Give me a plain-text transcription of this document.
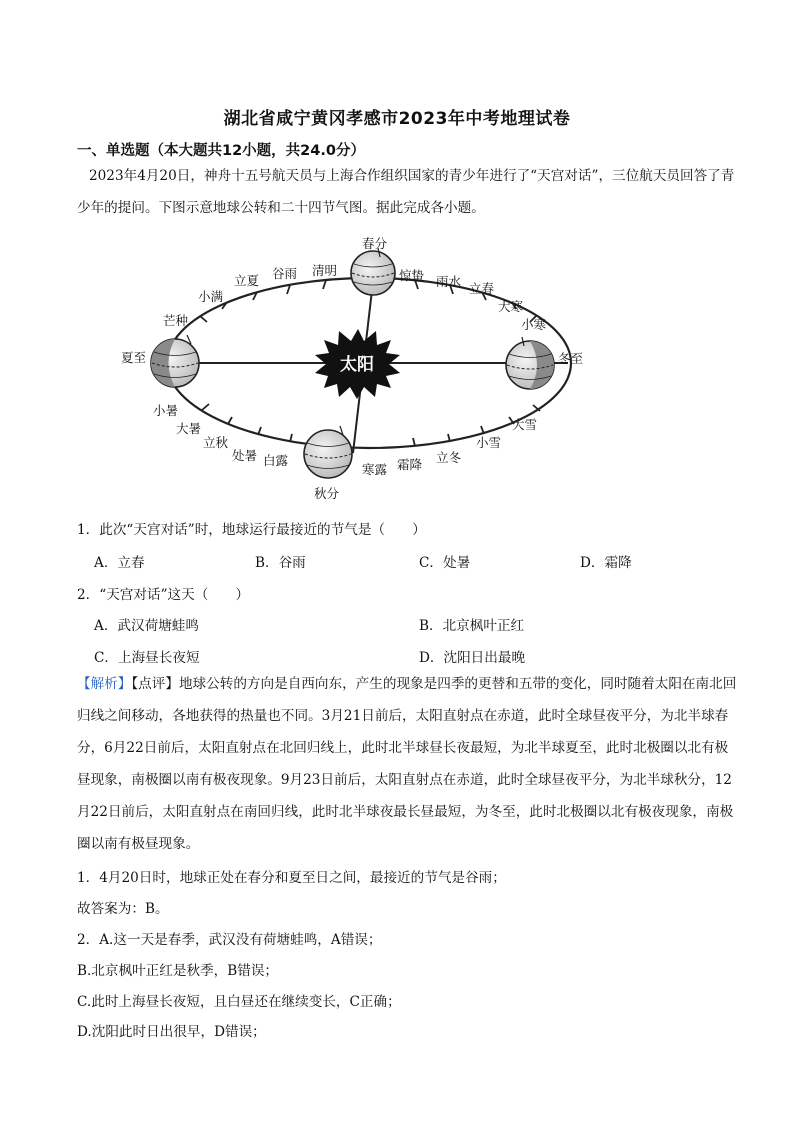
湖北省咸宁黄冈孝感市2023年中考地理试卷
一、单选题（本大题共12小题，共24.0分）
2023年4月20日，神舟十五号航天员与上海合作组织国家的青少年进行了“天宫对话”，三位航天员回答了青少年的提问。下图示意地球公转和二十四节气图。据此完成各小题。
太阳
春分
惊蛰 雨水 立春
大寒
小寒
冬至
大雪
小雪
立冬
霜降
寒露
秋分
白露
处暑
立秋
大暑
小暑
夏至
芒种
小满
立夏 谷雨 清明
1．此次“天宫对话”时，地球运行最接近的节气是（　　）
A．立春	B．谷雨	C．处暑	D．霜降
2．“天宫对话”这天（　　）
A．武汉荷塘蛙鸣	B．北京枫叶正红
C．上海昼长夜短	D．沈阳日出最晚
【解析】【点评】地球公转的方向是自西向东，产生的现象是四季的更替和五带的变化，同时随着太阳在南北回归线之间移动，各地获得的热量也不同。3月21日前后，太阳直射点在赤道，此时全球昼夜平分，为北半球春分，6月22日前后，太阳直射点在北回归线上，此时北半球昼长夜最短，为北半球夏至，此时北极圈以北有极昼现象，南极圈以南有极夜现象。9月23日前后，太阳直射点在赤道，此时全球昼夜平分，为北半球秋分，12月22日前后，太阳直射点在南回归线，此时北半球夜最长昼最短，为冬至，此时北极圈以北有极夜现象，南极圈以南有极昼现象。
1．4月20日时，地球正处在春分和夏至日之间，最接近的节气是谷雨；
故答案为：B。
2．A.这一天是春季，武汉没有荷塘蛙鸣，A错误；
B.北京枫叶正红是秋季，B错误；
C.此时上海昼长夜短，且白昼还在继续变长，C正确；
D.沈阳此时日出很早，D错误；
